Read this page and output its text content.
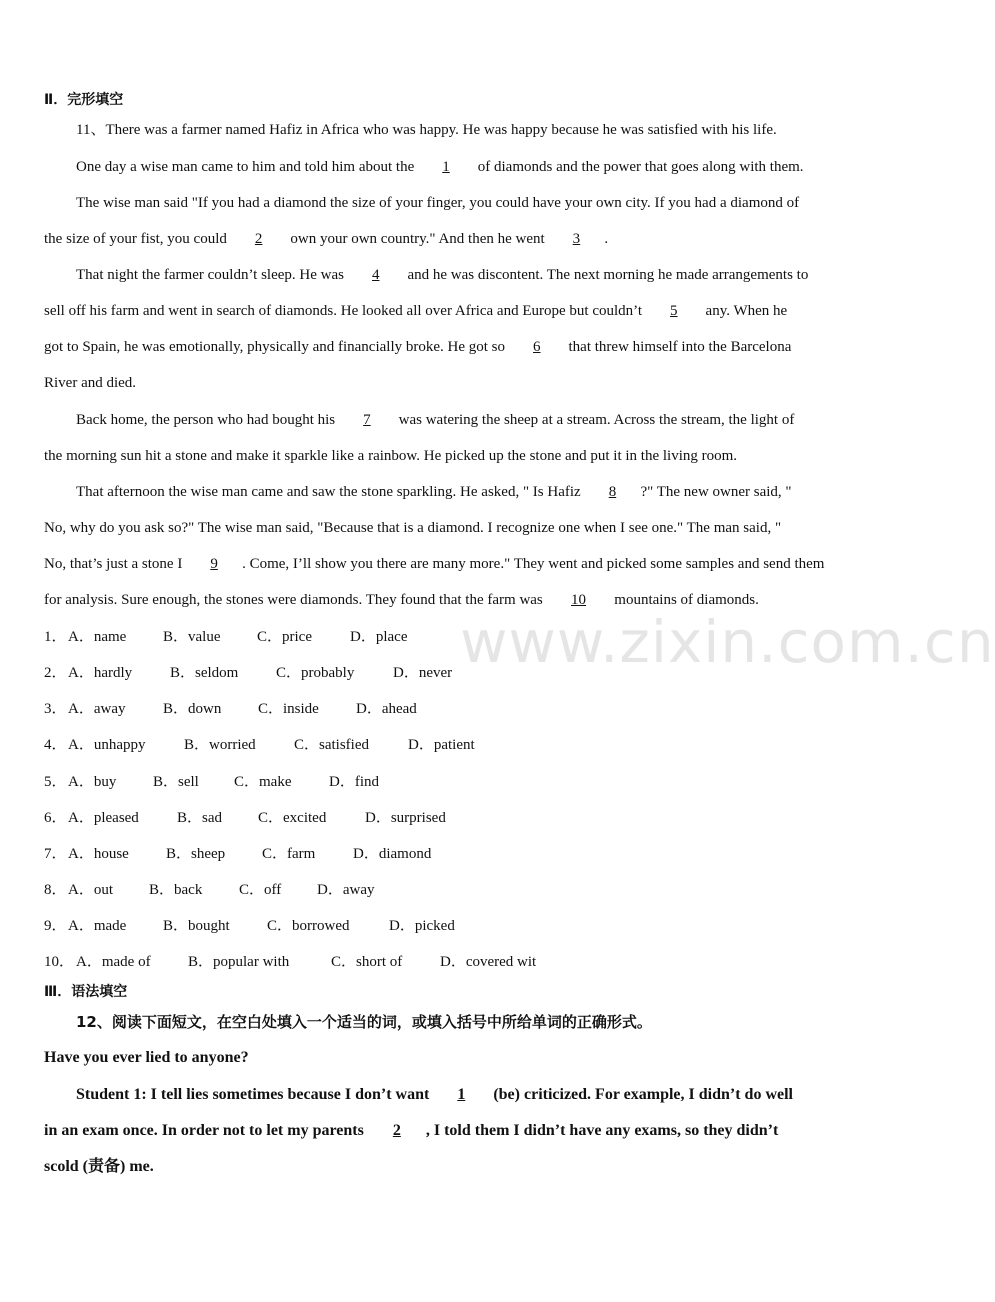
www.zixin.com.cn
Ⅱ．完形填空
11、There was a farmer named Hafiz in Africa who was happy. He was happy because he was satisfied with his life.
One day a wise man came to him and told him about the 1 of diamonds and the power that goes along with them.
The wise man said "If you had a diamond the size of your finger, you could have your own city. If you had a diamond of
the size of your fist, you could 2 own your own country." And then he went 3 .
That night the farmer couldn’t sleep. He was 4 and he was discontent. The next morning he made arrangements to
sell off his farm and went in search of diamonds. He looked all over Africa and Europe but couldn’t 5 any. When he
got to Spain, he was emotionally, physically and financially broke. He got so 6 that threw himself into the Barcelona
River and died.
Back home, the person who had bought his 7 was watering the sheep at a stream. Across the stream, the light of
the morning sun hit a stone and make it sparkle like a rainbow. He picked up the stone and put it in the living room.
That afternoon the wise man came and saw the stone sparkling. He asked, " Is Hafiz 8 ?" The new owner said, "
No, why do you ask so?" The wise man said, "Because that is a diamond. I recognize one when I see one." The man said, "
No, that’s just a stone I 9 . Come, I’ll show you there are many more." They went and picked some samples and send them
for analysis. Sure enough, the stones were diamonds. They found that the farm was 10 mountains of diamonds.
1． A．name B．value C．price	D．place
2． A．hardly	B．seldom	C．probably	D．never
3． A．away	B．down C．inside D．ahead
4． A．unhappy	B．worried	C．satisfied	D．patient
5． A．buy B．sell C．make	D．find
6． A．pleased	B．sad C．excited	D．surprised
7． A．house B．sheep C．farm	D．diamond
8． A．out B．back C．off D．away
9． A．made B．bought C．borrowed	D．picked
10． A．made of B．popular with	C．short of	D．covered wit
Ⅲ．语法填空
12、阅读下面短文，在空白处填入一个适当的词，或填入括号中所给单词的正确形式。
Have you ever lied to anyone?
Student 1: I tell lies sometimes because I don’t want 1 (be) criticized. For example, I didn’t do well
in an exam once. In order not to let my parents 2 , I told them I didn’t have any exams, so they didn’t
scold (责备) me.
